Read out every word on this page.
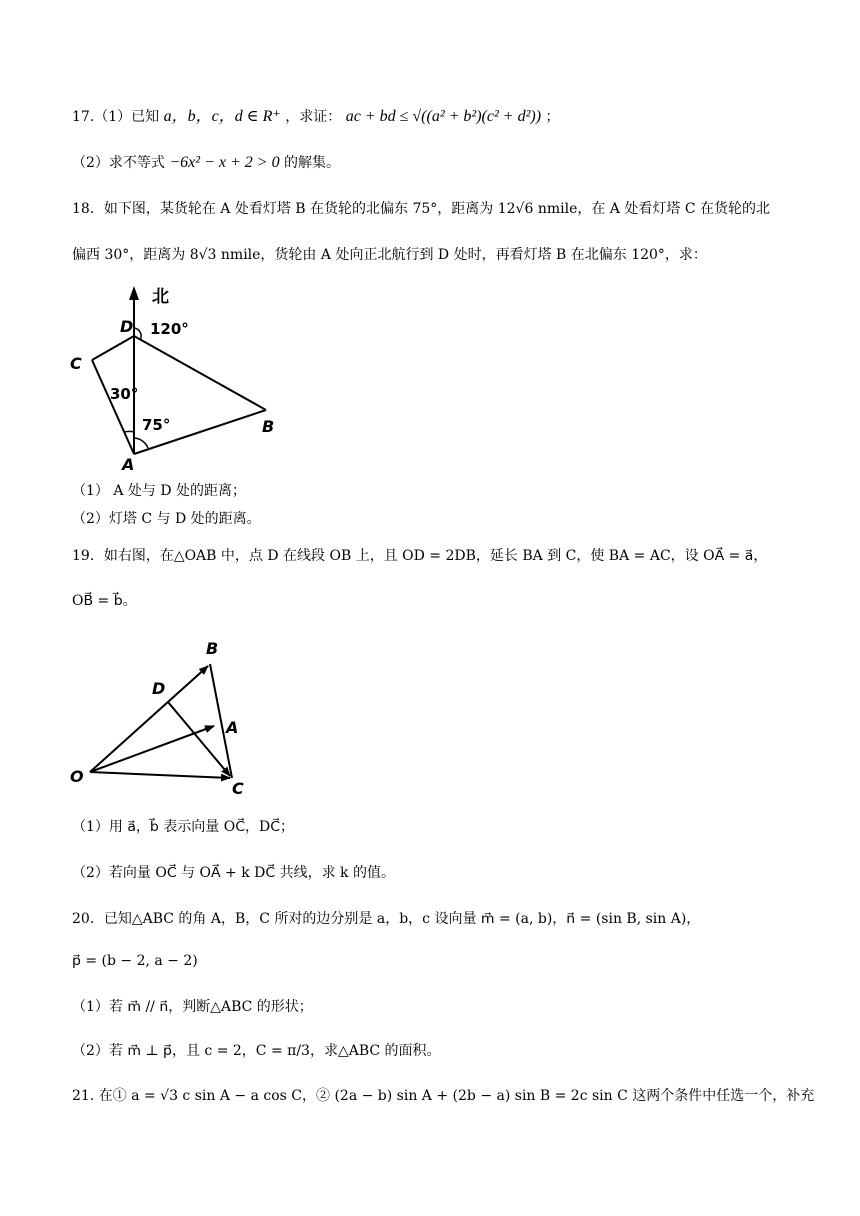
17.（1）已知 a，b，c，d ∈ R⁺ ，求证： ac + bd ≤ √((a² + b²)(c² + d²)) ；
（2）求不等式 −6x² − x + 2 > 0 的解集。
18．如下图，某货轮在 A 处看灯塔 B 在货轮的北偏东 75°，距离为 12√6 nmile，在 A 处看灯塔 C 在货轮的北
偏西 30°，距离为 8√3 nmile，货轮由 A 处向正北航行到 D 处时，再看灯塔 B 在北偏东 120°，求：
北
D 120°
C
30°
75°	B
A
（1） A 处与 D 处的距离；
（2）灯塔 C 与 D 处的距离。
19．如右图，在△OAB 中，点 D 在线段 OB 上，且 OD = 2DB，延长 BA 到 C，使 BA = AC，设 OA⃗ = a⃗，
OB⃗ = b⃗。
B
D
A
O
C
（1）用 a⃗，b⃗ 表示向量 OC⃗，DC⃗；
（2）若向量 OC⃗ 与 OA⃗ + k DC⃗ 共线，求 k 的值。
20．已知△ABC 的角 A，B，C 所对的边分别是 a，b，c 设向量 m⃗ = (a, b)，n⃗ = (sin B, sin A)，
p⃗ = (b − 2, a − 2)
（1）若 m⃗ // n⃗，判断△ABC 的形状；
（2）若 m⃗ ⊥ p⃗，且 c = 2，C = π/3，求△ABC 的面积。
21. 在① a = √3 c sin A − a cos C，② (2a − b) sin A + (2b − a) sin B = 2c sin C 这两个条件中任选一个，补充
